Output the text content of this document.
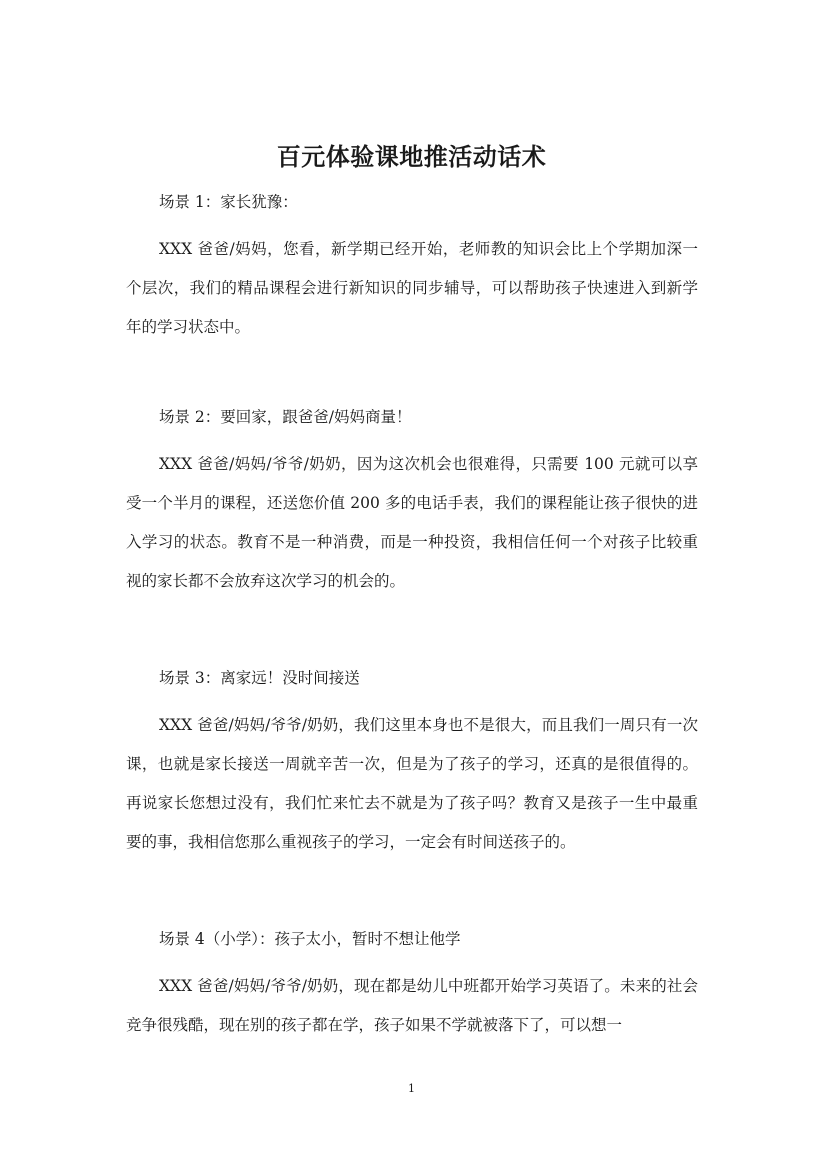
百元体验课地推活动话术

场景 1：家长犹豫：

XXX 爸爸/妈妈，您看，新学期已经开始，老师教的知识会比上个学期加深一个层次，我们的精品课程会进行新知识的同步辅导，可以帮助孩子快速进入到新学年的学习状态中。

场景 2：要回家，跟爸爸/妈妈商量！

XXX 爸爸/妈妈/爷爷/奶奶，因为这次机会也很难得，只需要 100 元就可以享受一个半月的课程，还送您价值 200 多的电话手表，我们的课程能让孩子很快的进入学习的状态。教育不是一种消费，而是一种投资，我相信任何一个对孩子比较重视的家长都不会放弃这次学习的机会的。

场景 3：离家远！没时间接送

XXX 爸爸/妈妈/爷爷/奶奶，我们这里本身也不是很大，而且我们一周只有一次课，也就是家长接送一周就辛苦一次，但是为了孩子的学习，还真的是很值得的。再说家长您想过没有，我们忙来忙去不就是为了孩子吗？教育又是孩子一生中最重要的事，我相信您那么重视孩子的学习，一定会有时间送孩子的。

场景 4（小学）：孩子太小，暂时不想让他学

XXX 爸爸/妈妈/爷爷/奶奶，现在都是幼儿中班都开始学习英语了。未来的社会竞争很残酷，现在别的孩子都在学，孩子如果不学就被落下了，可以想一

1
